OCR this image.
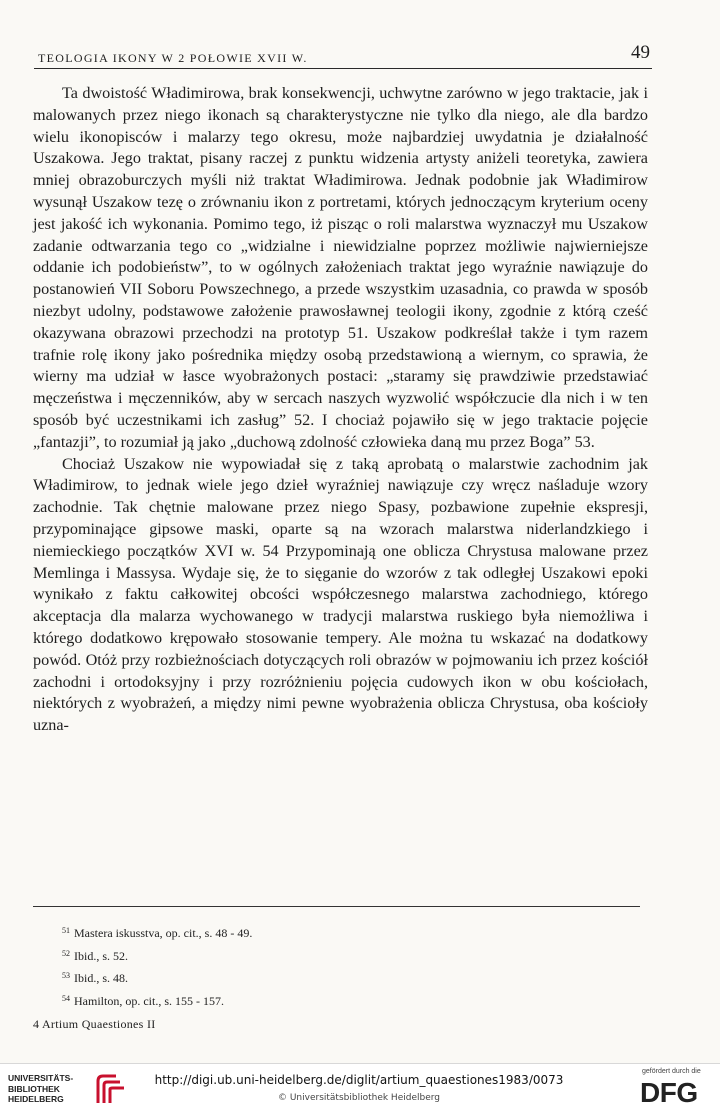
TEOLOGIA IKONY W 2 POŁOWIE XVII W.	49

Ta dwoistość Władimirowa, brak konsekwencji, uchwytne zarówno w jego traktacie, jak i malowanych przez niego ikonach są charakterystyczne nie tylko dla niego, ale dla bardzo wielu ikonopisców i malarzy tego okresu, może najbardziej uwydatnia je działalność Uszakowa. Jego traktat, pisany raczej z punktu widzenia artysty aniżeli teoretyka, zawiera mniej obrazoburczych myśli niż traktat Władimirowa. Jednak podobnie jak Władimirow wysunął Uszakow tezę o zrównaniu ikon z portretami, których jednoczącym kryterium oceny jest jakość ich wykonania. Pomimo tego, iż pisząc o roli malarstwa wyznaczył mu Uszakow zadanie odtwarzania tego co „widzialne i niewidzialne poprzez możliwie najwierniejsze oddanie ich podobieństw”, to w ogólnych założeniach traktat jego wyraźnie nawiązuje do postanowień VII Soboru Powszechnego, a przede wszystkim uzasadnia, co prawda w sposób niezbyt udolny, podstawowe założenie prawosławnej teologii ikony, zgodnie z którą cześć okazywana obrazowi przechodzi na prototyp 51. Uszakow podkreślał także i tym razem trafnie rolę ikony jako pośrednika między osobą przedstawioną a wiernym, co sprawia, że wierny ma udział w łasce wyobrażonych postaci: „staramy się prawdziwie przedstawiać męczeństwa i męczenników, aby w sercach naszych wyzwolić współczucie dla nich i w ten sposób być uczestnikami ich zasług” 52. I chociaż pojawiło się w jego traktacie pojęcie „fantazji”, to rozumiał ją jako „duchową zdolność człowieka daną mu przez Boga” 53.

Chociaż Uszakow nie wypowiadał się z taką aprobatą o malarstwie zachodnim jak Władimirow, to jednak wiele jego dzieł wyraźniej nawiązuje czy wręcz naśladuje wzory zachodnie. Tak chętnie malowane przez niego Spasy, pozbawione zupełnie ekspresji, przypominające gipsowe maski, oparte są na wzorach malarstwa niderlandzkiego i niemieckiego początków XVI w. 54 Przypominają one oblicza Chrystusa malowane przez Memlinga i Massysa. Wydaje się, że to sięganie do wzorów z tak odległej Uszakowi epoki wynikało z faktu całkowitej obcości współczesnego malarstwa zachodniego, którego akceptacja dla malarza wychowanego w tradycji malarstwa ruskiego była niemożliwa i którego dodatkowo krępowało stosowanie tempery. Ale można tu wskazać na dodatkowy powód. Otóż przy rozbieżnościach dotyczących roli obrazów w pojmowaniu ich przez kościół zachodni i ortodoksyjny i przy rozróżnieniu pojęcia cudowych ikon w obu kościołach, niektórych z wyobrażeń, a między nimi pewne wyobrażenia oblicza Chrystusa, oba kościoły uzna-

$^{51}$ Mastera iskusstva, op. cit., s. 48 - 49.
$^{52}$ Ibid., s. 52.
$^{53}$ Ibid., s. 48.
$^{54}$ Hamilton, op. cit., s. 155 - 157.
4 Artium Quaestiones II
UNIVERSITÄTS-BIBLIOTHEK HEIDELBERG
http://digi.ub.uni-heidelberg.de/diglit/artium_quaestiones1983/0073
© Universitätsbibliothek Heidelberg
gefördert durch die
DFG
